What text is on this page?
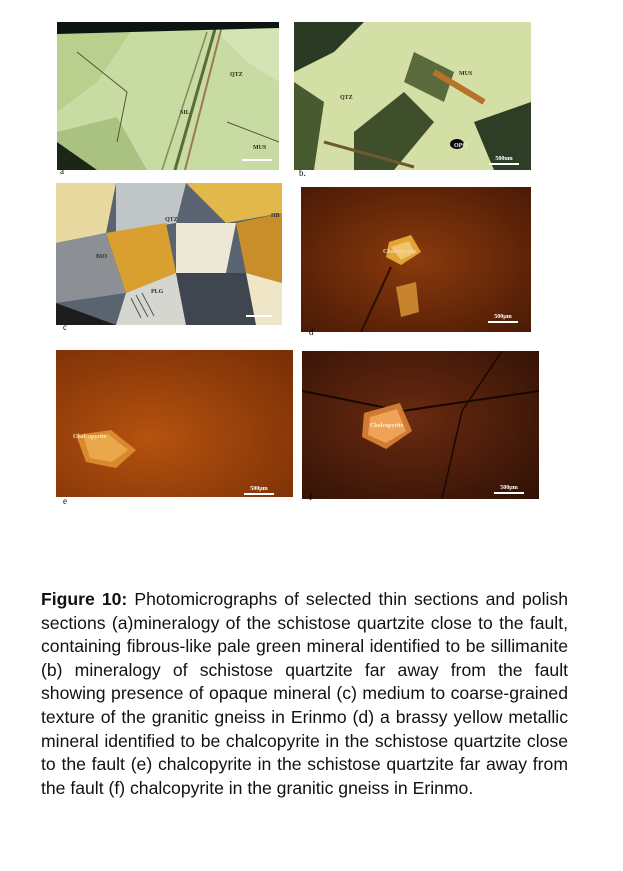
QTZ
SIL
MUS
a
MUS
QTZ
OPQ
500um
b.
QTZ
HB
BIO
PLG
c
Chalcopyrite
500µm
d
Chalcopyrite
500µm
e
Chalcopyrite
500µm
f
Figure 10: Photomicrographs of selected thin sections and polish sections (a)mineralogy of the schistose quartzite close to the fault, containing fibrous-like pale green mineral identified to be sillimanite (b) mineralogy of schistose quartzite far away from the fault showing presence of opaque mineral (c) medium to coarse-grained texture of the granitic gneiss in Erinmo (d) a brassy yellow metallic mineral identified to be chalcopyrite in the schistose quartzite close to the fault (e) chalcopyrite in the schistose quartzite far away from the fault (f) chalcopyrite in the granitic gneiss in Erinmo.
